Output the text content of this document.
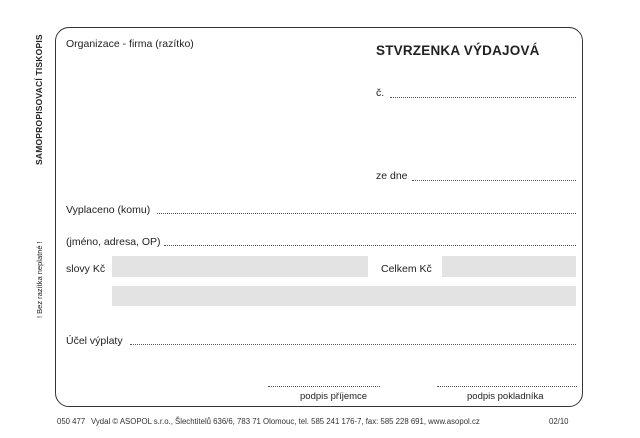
SAMOPROPISOVACÍ TISKOPIS
! Bez razítka neplatné !
Organizace - firma (razítko)	STVRZENKA VÝDAJOVÁ
č.
ze dne
Vyplaceno (komu)
(jméno, adresa, OP)
slovy Kč	Celkem Kč
Účel výplaty
podpis příjemce	podpis pokladníka
050 477 Vydal © ASOPOL s.r.o., Šlechtitelů 636/6, 783 71 Olomouc, tel. 585 241 176-7, fax: 585 228 691, www.asopol.cz	02/10
